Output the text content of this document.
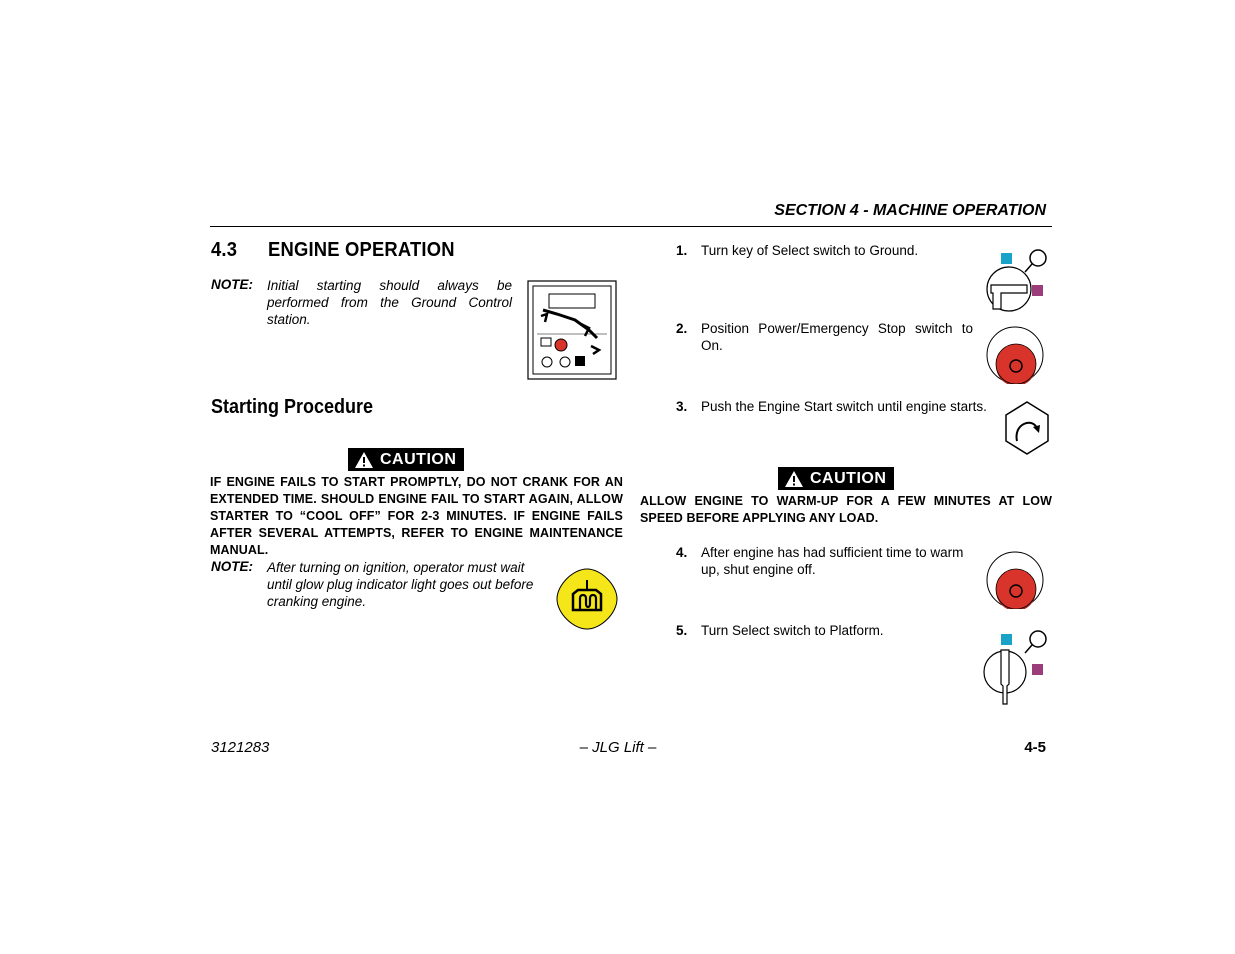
SECTION 4 - MACHINE OPERATION
4.3 ENGINE OPERATION
NOTE: Initial starting should always be performed from the Ground Control station.
Starting Procedure
CAUTION
IF ENGINE FAILS TO START PROMPTLY, DO NOT CRANK FOR AN EXTENDED TIME. SHOULD ENGINE FAIL TO START AGAIN, ALLOW STARTER TO “COOL OFF” FOR 2-3 MINUTES. IF ENGINE FAILS AFTER SEVERAL ATTEMPTS, REFER TO ENGINE MAINTENANCE MANUAL.
NOTE: After turning on ignition, operator must wait until glow plug indicator light goes out before cranking engine.
1. Turn key of Select switch to Ground.
2. Position Power/Emergency Stop switch to On.
3. Push the Engine Start switch until engine starts.
4. After engine has had sufficient time to warm up, shut engine off.
5. Turn Select switch to Platform.
CAUTION
ALLOW ENGINE TO WARM-UP FOR A FEW MINUTES AT LOW SPEED BEFORE APPLYING ANY LOAD.
3121283	– JLG Lift –	4-5
